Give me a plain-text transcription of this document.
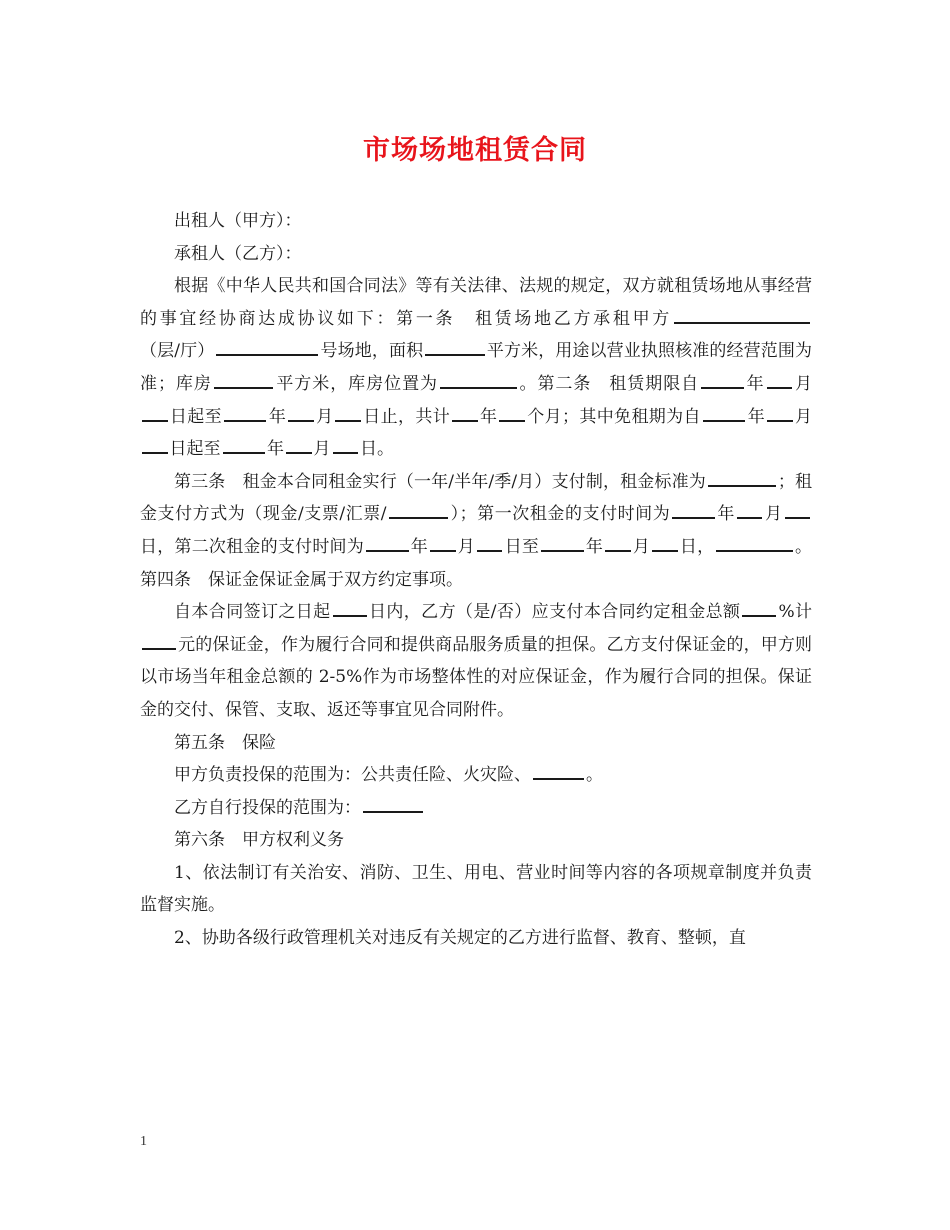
市场场地租赁合同

出租人（甲方）：

承租人（乙方）：

根据《中华人民共和国合同法》等有关法律、法规的规定，双方就租赁场地从事经营的事宜经协商达成协议如下：第一条　租赁场地乙方承租甲方（层/厅）	号场地，面积	平方米，用途以营业执照核准的经营范围为准；库房	平方米，库房位置为	。第二条　租赁期限自	年 月日起至	年 月 日止，共计 年 个月；其中免租期为自	年 月日起至	年 月 日。

第三条　租金本合同租金实行（一年/半年/季/月）支付制，租金标准为	；租金支付方式为（现金/支票/汇票/	）；第一次租金的支付时间为	年 月日，第二次租金的支付时间为	年 月 日至	年 月 日，	。第四条　保证金保证金属于双方约定事项。

自本合同签订之日起 日内，乙方（是/否）应支付本合同约定租金总额 %计元的保证金，作为履行合同和提供商品服务质量的担保。乙方支付保证金的，甲方则以市场当年租金总额的 2-5%作为市场整体性的对应保证金，作为履行合同的担保。保证金的交付、保管、支取、返还等事宜见合同附件。

第五条　保险

甲方负责投保的范围为：公共责任险、火灾险、	。

乙方自行投保的范围为：

第六条　甲方权利义务

1、依法制订有关治安、消防、卫生、用电、营业时间等内容的各项规章制度并负责监督实施。

2、协助各级行政管理机关对违反有关规定的乙方进行监督、教育、整顿，直

1
